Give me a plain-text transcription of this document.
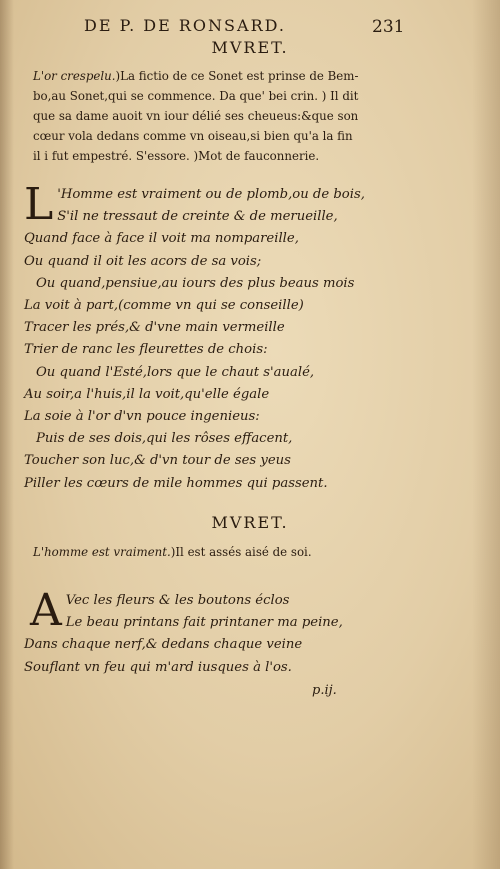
DE P. DE RONSARD.	231
MVRET.

L'or crespelu.)La fictio de ce Sonet est prinse de Bem-

bo,au Sonet,qui se commence. Da que' bei crin. ) Il dit

que sa dame auoit vn iour délié ses cheueus:&que son

cœur vola dedans comme vn oiseau,si bien qu'a la fin

il i fut empestré. S'essore. )Mot de fauconnerie.

L 'Homme est vraiment ou de plomb,ou de bois,
S'il ne tressaut de creinte & de merueille,
Quand face à face il voit ma nompareille,
Ou quand il oit les acors de sa vois;
Ou quand,pensiue,au iours des plus beaus mois
La voit à part,(comme vn qui se conseille)
Tracer les prés,& d'vne main vermeille
Trier de ranc les fleurettes de chois:
Ou quand l'Esté,lors que le chaut s'aualé,
Au soir,a l'huis,il la voit,qu'elle égale
La soie à l'or d'vn pouce ingenieus:
Puis de ses dois,qui les rôses effacent,
Toucher son luc,& d'vn tour de ses yeus
Piller les cœurs de mile hommes qui passent.
MVRET.

L'homme est vraiment.)Il est assés aisé de soi.

A Vec les fleurs & les boutons éclos
Le beau printans fait printaner ma peine,
Dans chaque nerf,& dedans chaque veine
Souflant vn feu qui m'ard iusques à l'os.
p.ij.
